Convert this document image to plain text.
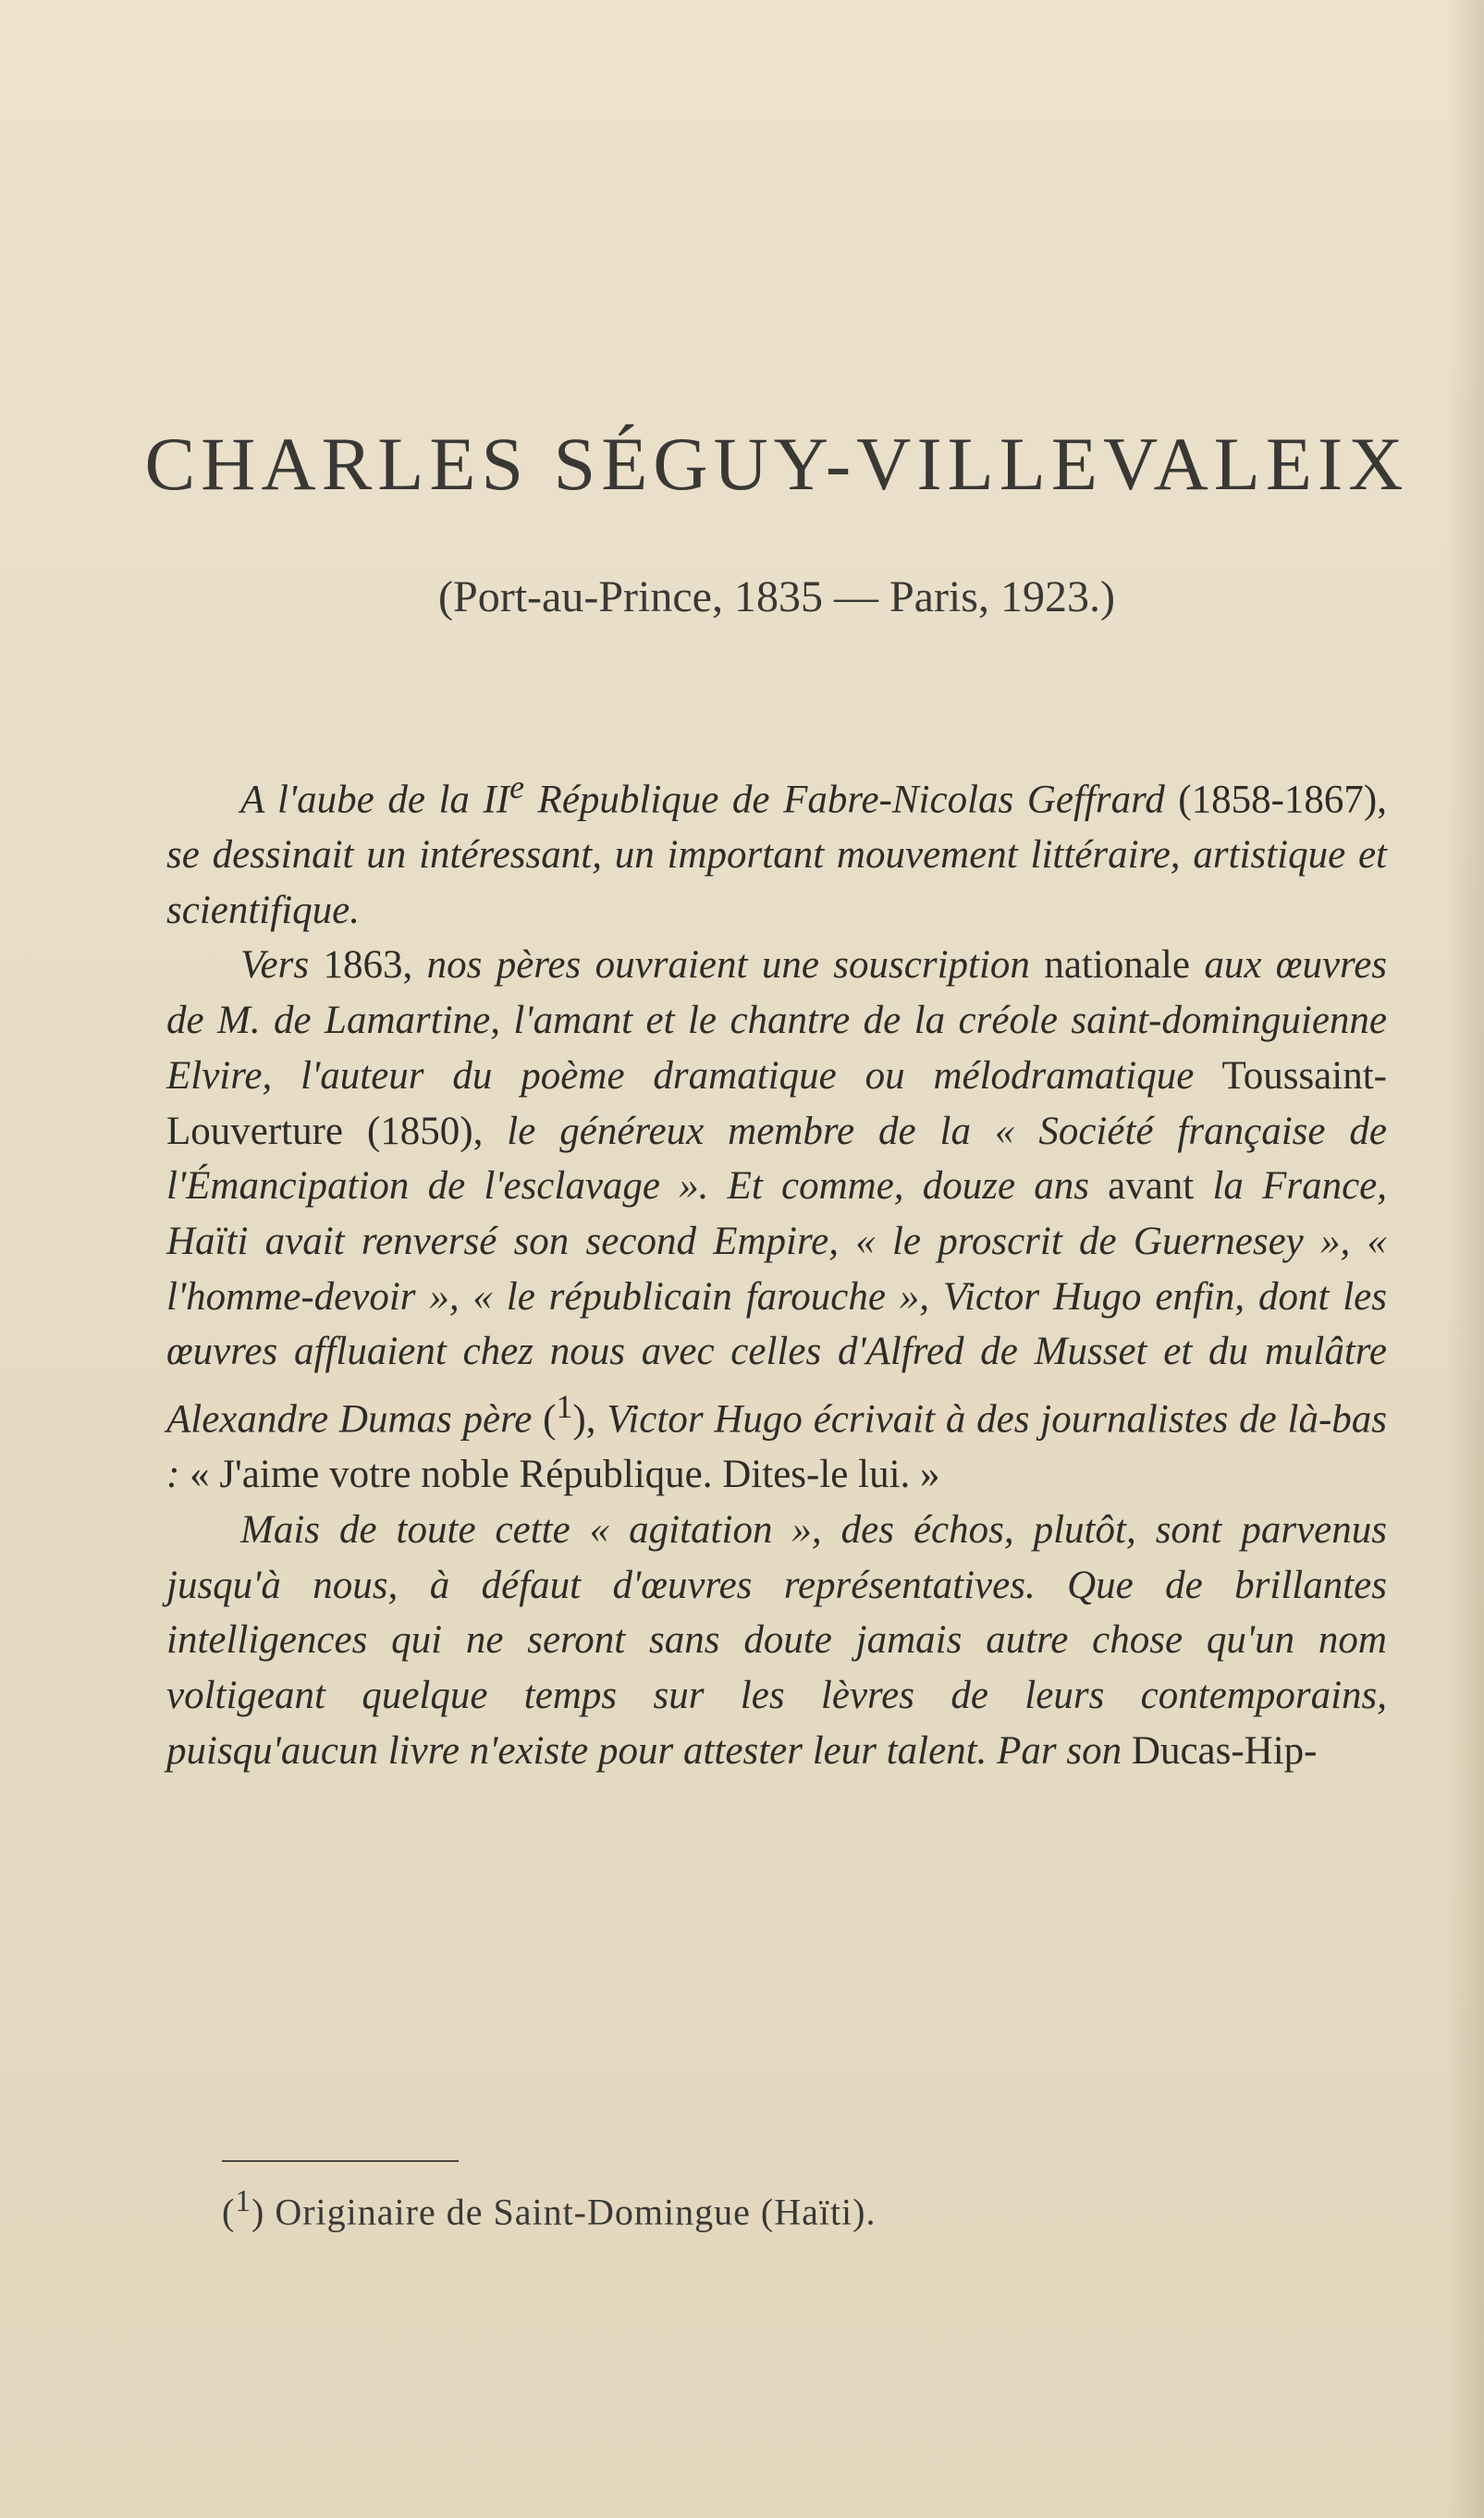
CHARLES SÉGUY-VILLEVALEIX
(Port-au-Prince, 1835 — Paris, 1923.)

A l'aube de la IIe République de Fabre-Nicolas Geffrard (1858-1867), se dessinait un intéressant, un important mouvement littéraire, artistique et scientifique.

Vers 1863, nos pères ouvraient une souscription nationale aux œuvres de M. de Lamartine, l'amant et le chantre de la créole saint-dominguienne Elvire, l'auteur du poème dramatique ou mélodramatique Toussaint-Louverture (1850), le généreux membre de la « Société française de l'Émancipation de l'esclavage ». Et comme, douze ans avant la France, Haïti avait renversé son second Empire, « le proscrit de Guernesey », « l'homme-devoir », « le républicain farouche », Victor Hugo enfin, dont les œuvres affluaient chez nous avec celles d'Alfred de Musset et du mulâtre Alexandre Dumas père ($^1$), Victor Hugo écrivait à des journalistes de là-bas : « J'aime votre noble République. Dites-le lui. »

Mais de toute cette « agitation », des échos, plutôt, sont parvenus jusqu'à nous, à défaut d'œuvres représentatives. Que de brillantes intelligences qui ne seront sans doute jamais autre chose qu'un nom voltigeant quelque temps sur les lèvres de leurs contemporains, puisqu'aucun livre n'existe pour attester leur talent. Par son Ducas-Hip-

($^1$) Originaire de Saint-Domingue (Haïti).
